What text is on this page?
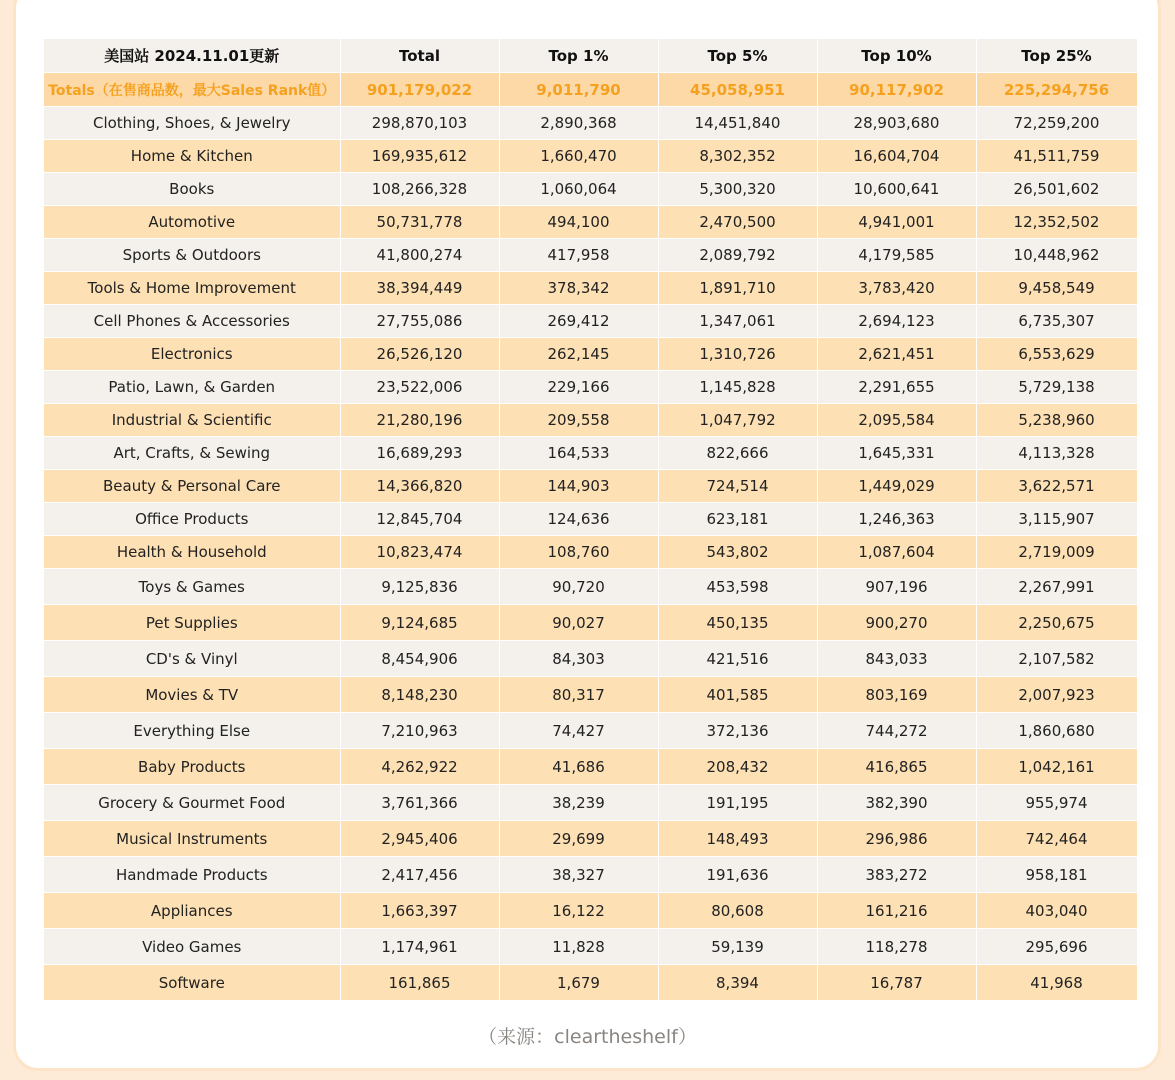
美国站 2024.11.01更新	Total	Top 1%	Top 5%	Top 10%	Top 25%
Totals（在售商品数，最大Sales Rank值）	901,179,022	9,011,790	45,058,951	90,117,902	225,294,756
Clothing, Shoes, & Jewelry	298,870,103	2,890,368	14,451,840	28,903,680	72,259,200
Home & Kitchen	169,935,612	1,660,470	8,302,352	16,604,704	41,511,759
Books	108,266,328	1,060,064	5,300,320	10,600,641	26,501,602
Automotive	50,731,778	494,100	2,470,500	4,941,001	12,352,502
Sports & Outdoors	41,800,274	417,958	2,089,792	4,179,585	10,448,962
Tools & Home Improvement	38,394,449	378,342	1,891,710	3,783,420	9,458,549
Cell Phones & Accessories	27,755,086	269,412	1,347,061	2,694,123	6,735,307
Electronics	26,526,120	262,145	1,310,726	2,621,451	6,553,629
Patio, Lawn, & Garden	23,522,006	229,166	1,145,828	2,291,655	5,729,138
Industrial & Scientific	21,280,196	209,558	1,047,792	2,095,584	5,238,960
Art, Crafts, & Sewing	16,689,293	164,533	822,666	1,645,331	4,113,328
Beauty & Personal Care	14,366,820	144,903	724,514	1,449,029	3,622,571
Office Products	12,845,704	124,636	623,181	1,246,363	3,115,907
Health & Household	10,823,474	108,760	543,802	1,087,604	2,719,009
Toys & Games	9,125,836	90,720	453,598	907,196	2,267,991
Pet Supplies	9,124,685	90,027	450,135	900,270	2,250,675
CD's & Vinyl	8,454,906	84,303	421,516	843,033	2,107,582
Movies & TV	8,148,230	80,317	401,585	803,169	2,007,923
Everything Else	7,210,963	74,427	372,136	744,272	1,860,680
Baby Products	4,262,922	41,686	208,432	416,865	1,042,161
Grocery & Gourmet Food	3,761,366	38,239	191,195	382,390	955,974
Musical Instruments	2,945,406	29,699	148,493	296,986	742,464
Handmade Products	2,417,456	38,327	191,636	383,272	958,181
Appliances	1,663,397	16,122	80,608	161,216	403,040
Video Games	1,174,961	11,828	59,139	118,278	295,696
Software	161,865	1,679	8,394	16,787	41,968
（来源：cleartheshelf）
